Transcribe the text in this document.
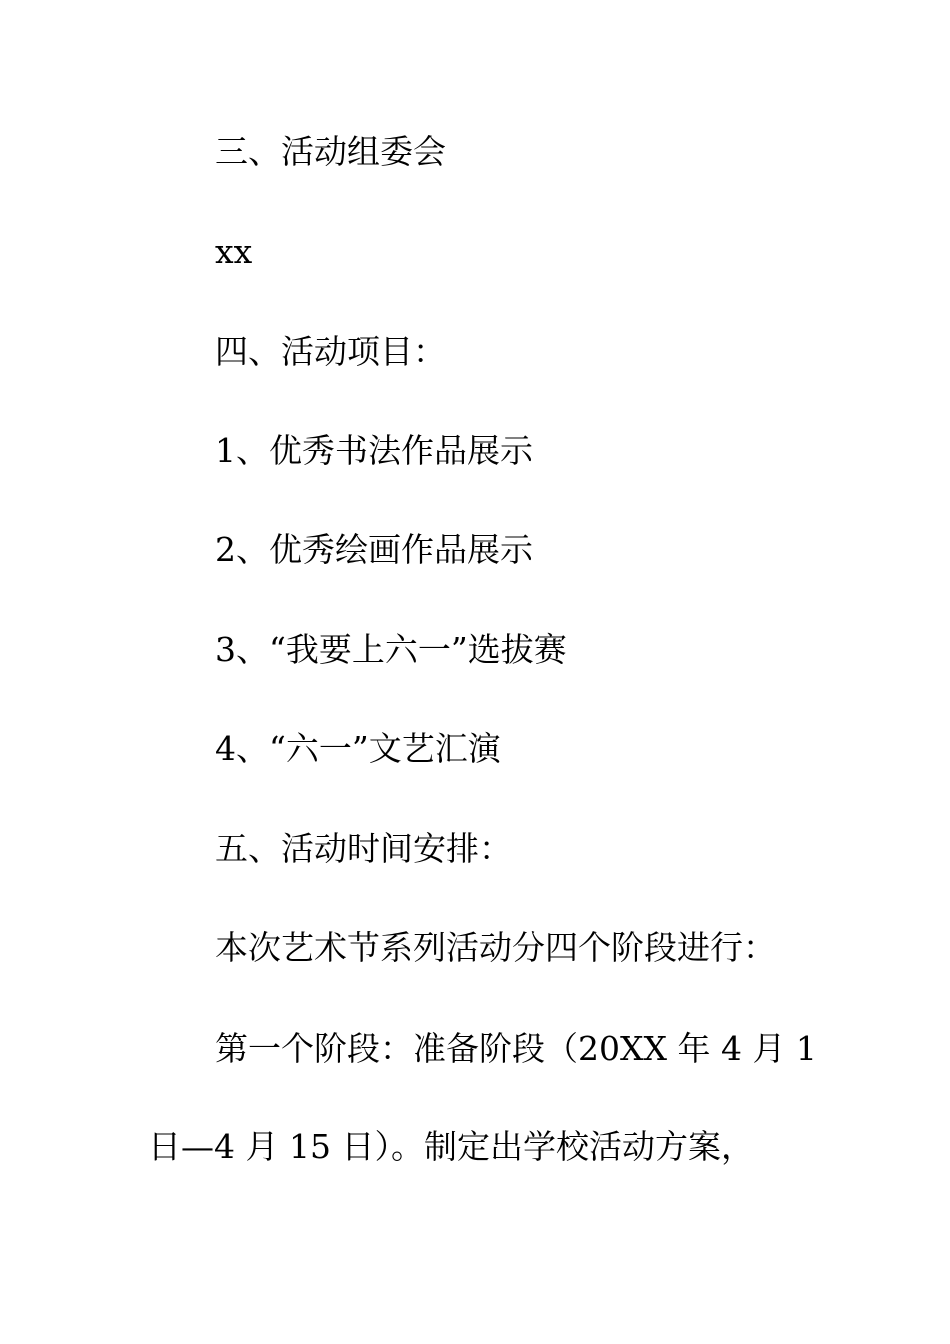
三、活动组委会
xx
四、活动项目：
1、优秀书法作品展示
2、优秀绘画作品展示
3、“我要上六一”选拔赛
4、“六一”文艺汇演
五、活动时间安排：
本次艺术节系列活动分四个阶段进行：
第一个阶段：准备阶段（20XX 年 4 月 1
日—4 月 15 日）。制定出学校活动方案，
